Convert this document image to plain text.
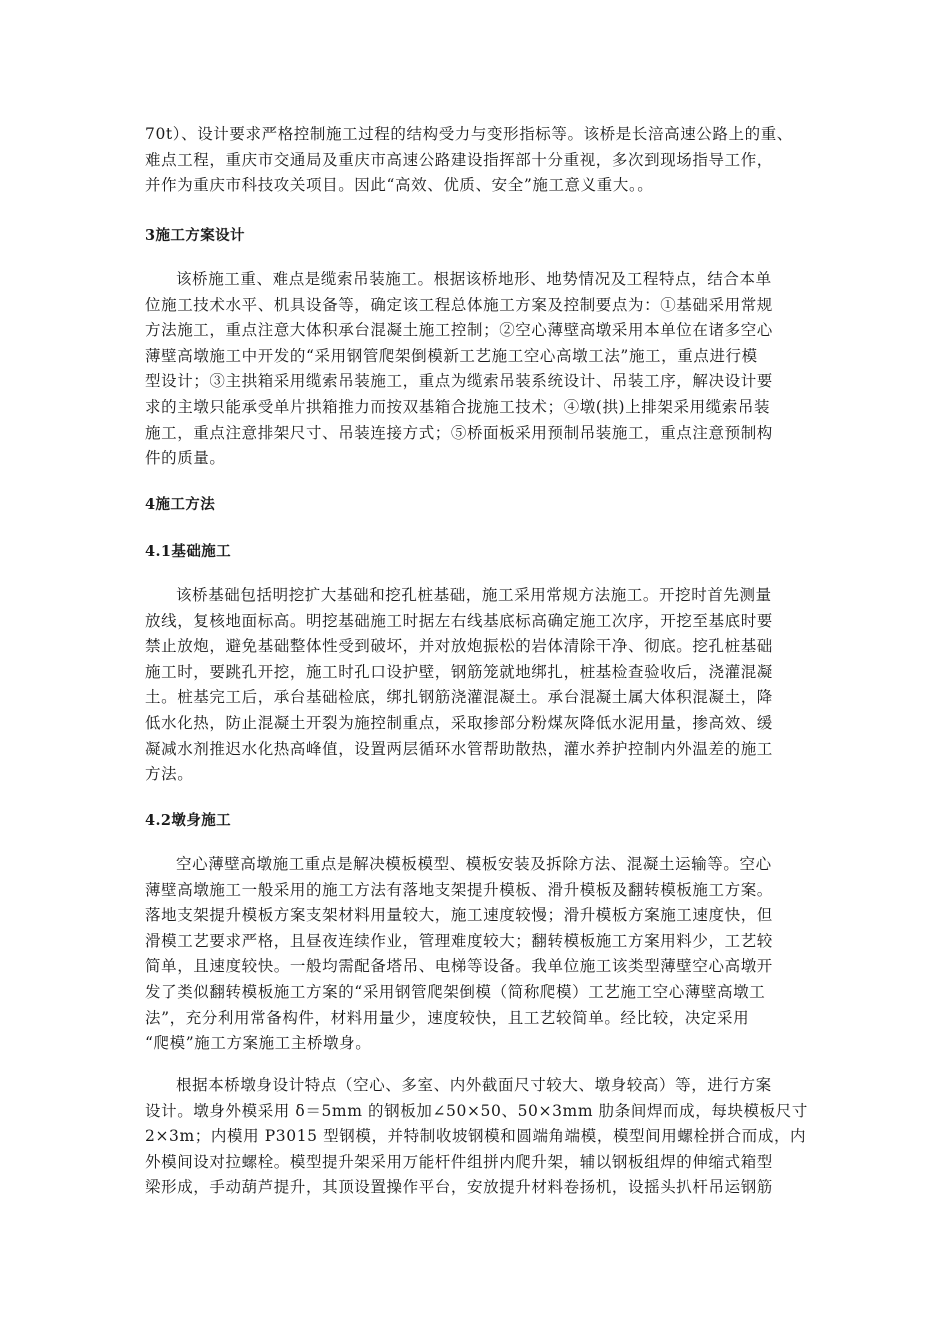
70t）、设计要求严格控制施工过程的结构受力与变形指标等。该桥是长涪高速公路上的重、
难点工程，重庆市交通局及重庆市高速公路建设指挥部十分重视，多次到现场指导工作，
并作为重庆市科技攻关项目。因此“高效、优质、安全”施工意义重大。。
3施工方案设计
该桥施工重、难点是缆索吊装施工。根据该桥地形、地势情况及工程特点，结合本单
位施工技术水平、机具设备等，确定该工程总体施工方案及控制要点为：①基础采用常规
方法施工，重点注意大体积承台混凝土施工控制；②空心薄壁高墩采用本单位在诸多空心
薄壁高墩施工中开发的“采用钢管爬架倒模新工艺施工空心高墩工法”施工，重点进行模
型设计；③主拱箱采用缆索吊装施工，重点为缆索吊装系统设计、吊装工序，解决设计要
求的主墩只能承受单片拱箱推力而按双基箱合拢施工技术；④墩(拱)上排架采用缆索吊装
施工，重点注意排架尺寸、吊装连接方式；⑤桥面板采用预制吊装施工，重点注意预制构
件的质量。
4施工方法
4.1基础施工
该桥基础包括明挖扩大基础和挖孔桩基础，施工采用常规方法施工。开挖时首先测量
放线，复核地面标高。明挖基础施工时据左右线基底标高确定施工次序，开挖至基底时要
禁止放炮，避免基础整体性受到破坏，并对放炮振松的岩体清除干净、彻底。挖孔桩基础
施工时，要跳孔开挖，施工时孔口设护壁，钢筋笼就地绑扎，桩基检查验收后，浇灌混凝
土。桩基完工后，承台基础检底，绑扎钢筋浇灌混凝土。承台混凝土属大体积混凝土，降
低水化热，防止混凝土开裂为施控制重点，采取掺部分粉煤灰降低水泥用量，掺高效、缓
凝减水剂推迟水化热高峰值，设置两层循环水管帮助散热，灌水养护控制内外温差的施工
方法。
4.2墩身施工
空心薄壁高墩施工重点是解决模板模型、模板安装及拆除方法、混凝土运输等。空心
薄壁高墩施工一般采用的施工方法有落地支架提升模板、滑升模板及翻转模板施工方案。
落地支架提升模板方案支架材料用量较大，施工速度较慢；滑升模板方案施工速度快，但
滑模工艺要求严格，且昼夜连续作业，管理难度较大；翻转模板施工方案用料少，工艺较
简单，且速度较快。一般均需配备塔吊、电梯等设备。我单位施工该类型薄壁空心高墩开
发了类似翻转模板施工方案的“采用钢管爬架倒模（简称爬模）工艺施工空心薄壁高墩工
法”，充分利用常备构件，材料用量少，速度较快，且工艺较简单。经比较，决定采用
“爬模”施工方案施工主桥墩身。
根据本桥墩身设计特点（空心、多室、内外截面尺寸较大、墩身较高）等，进行方案
设计。墩身外模采用 δ＝5mm 的钢板加∠50×50、50×3mm 肋条间焊而成，每块模板尺寸
2×3m；内模用 P3015 型钢模，并特制收坡钢模和圆端角端模，模型间用螺栓拼合而成，内
外模间设对拉螺栓。模型提升架采用万能杆件组拼内爬升架，辅以钢板组焊的伸缩式箱型
梁形成，手动葫芦提升，其顶设置操作平台，安放提升材料卷扬机，设摇头扒杆吊运钢筋
